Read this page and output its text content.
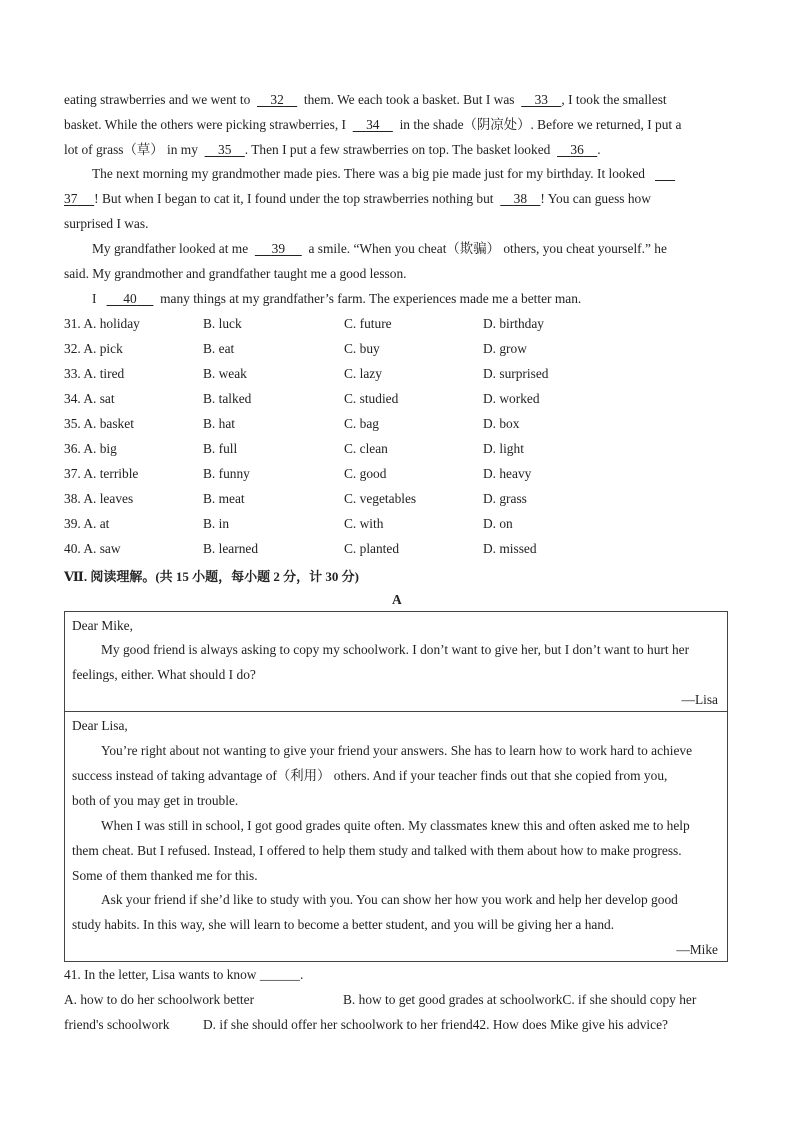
eating strawberries and we went to 32 them. We each took a basket. But I was 33 , I took the smallest
basket. While the others were picking strawberries, I 34 in the shade（阴凉处）. Before we returned, I put a
lot of grass（草） in my 35 . Then I put a few strawberries on top. The basket looked 36 .
The next morning my grandmother made pies. There was a big pie made just for my birthday. It looked
37 ! But when I began to cat it, I found under the top strawberries nothing but 38 ! You can guess how
surprised I was.
My grandfather looked at me 39 a smile. “When you cheat（欺骗） others, you cheat yourself.” he
said. My grandmother and grandfather taught me a good lesson.
I 40 many things at my grandfather’s farm. The experiences made me a better man.
31. A. holiday	B. luck	C. future	D. birthday
32. A. pick	B. eat	C. buy	D. grow
33. A. tired	B. weak	C. lazy	D. surprised
34. A. sat	B. talked	C. studied	D. worked
35. A. basket	B. hat	C. bag	D. box
36. A. big	B. full	C. clean	D. light
37. A. terrible	B. funny	C. good	D. heavy
38. A. leaves	B. meat	C. vegetables	D. grass
39. A. at	B. in	C. with	D. on
40. A. saw	B. learned	C. planted	D. missed
Ⅶ. 阅读理解。(共 15 小题，每小题 2 分，计 30 分)
A
Dear Mike,
My good friend is always asking to copy my schoolwork. I don’t want to give her, but I don’t want to hurt her
feelings, either. What should I do?
—Lisa
Dear Lisa,
You’re right about not wanting to give your friend your answers. She has to learn how to work hard to achieve
success instead of taking advantage of（利用） others. And if your teacher finds out that she copied from you,
both of you may get in trouble.
When I was still in school, I got good grades quite often. My classmates knew this and often asked me to help
them cheat. But I refused. Instead, I offered to help them study and talked with them about how to make progress.
Some of them thanked me for this.
Ask your friend if she’d like to study with you. You can show her how you work and help her develop good
study habits. In this way, she will learn to become a better student, and you will be giving her a hand.
—Mike
41. In the letter, Lisa wants to know ______.
A. how to do her schoolwork better	B. how to get good grades at schoolworkC. if she should copy her
friend's schoolwork	D. if she should offer her schoolwork to her friend42. How does Mike give his advice?
